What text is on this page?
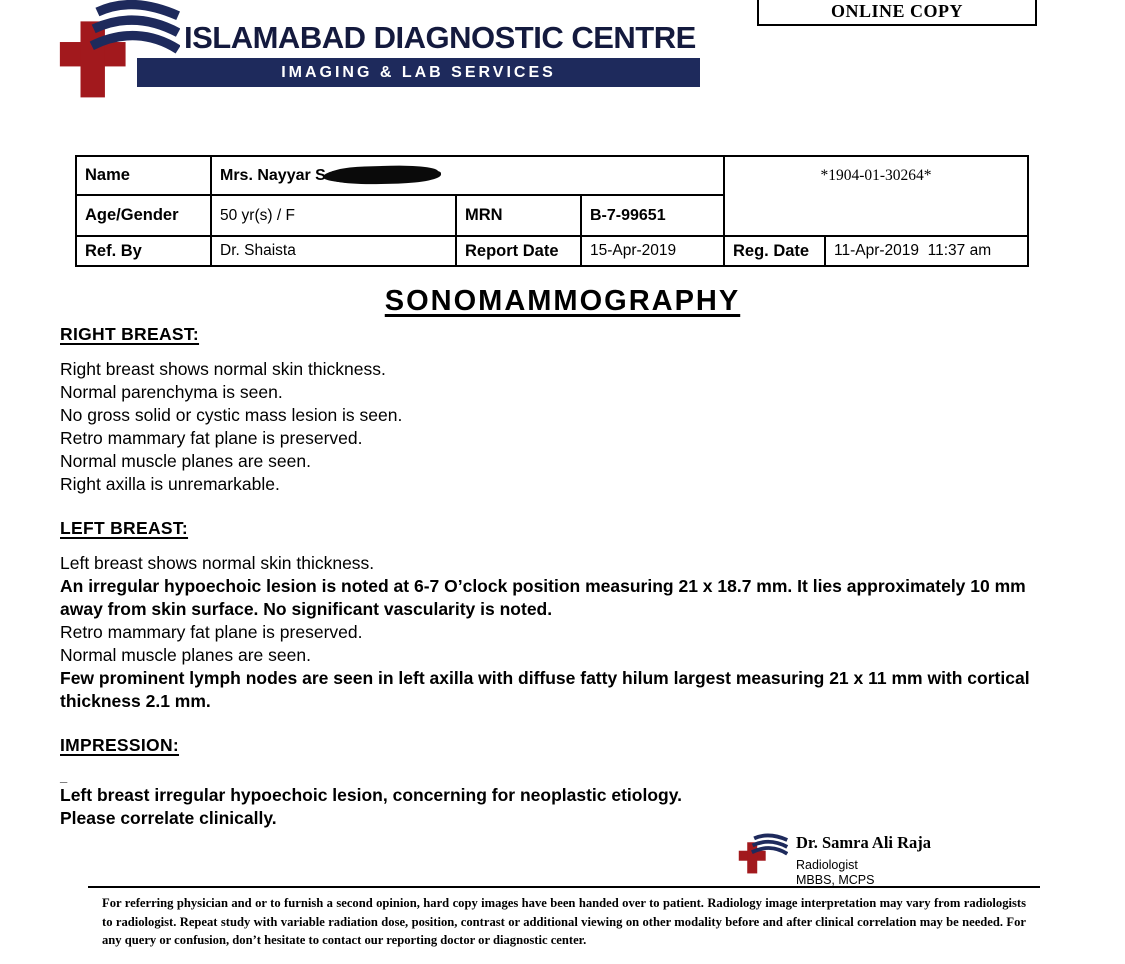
ISLAMABAD DIAGNOSTIC CENTRE
IMAGING & LAB SERVICES
ONLINE COPY
Name	Mrs. Nayyar S			*1904-01-30264*	
Age/Gender	50 yr(s) / F	MRN	B-7-99651		
Ref. By	Dr. Shaista	Report Date	15-Apr-2019	Reg. Date	11-Apr-2019  11:37 am
SONOMAMMOGRAPHY
RIGHT BREAST:

Right breast shows normal skin thickness.

Normal parenchyma is seen.

No gross solid or cystic mass lesion is seen.

Retro mammary fat plane is preserved.

Normal muscle planes are seen.

Right axilla is unremarkable.

LEFT BREAST:

Left breast shows normal skin thickness.

An irregular hypoechoic lesion is noted at 6-7 O’clock position measuring 21 x 18.7 mm. It lies approximately 10 mm away from skin surface. No significant vascularity is noted.

Retro mammary fat plane is preserved.

Normal muscle planes are seen.

Few prominent lymph nodes are seen in left axilla with diffuse fatty hilum largest measuring 21 x 11 mm with cortical thickness 2.1 mm.

IMPRESSION:

_

Left breast irregular hypoechoic lesion, concerning for neoplastic etiology.

Please correlate clinically.

Dr. Samra Ali Raja
Radiologist
MBBS, MCPS

For referring physician and or to furnish a second opinion, hard copy images have been handed over to patient. Radiology image interpretation may vary from radiologists to radiologist. Repeat study with variable radiation dose, position, contrast or additional viewing on other modality before and after clinical correlation may be needed. For any query or confusion, don’t hesitate to contact our reporting doctor or diagnostic center.
